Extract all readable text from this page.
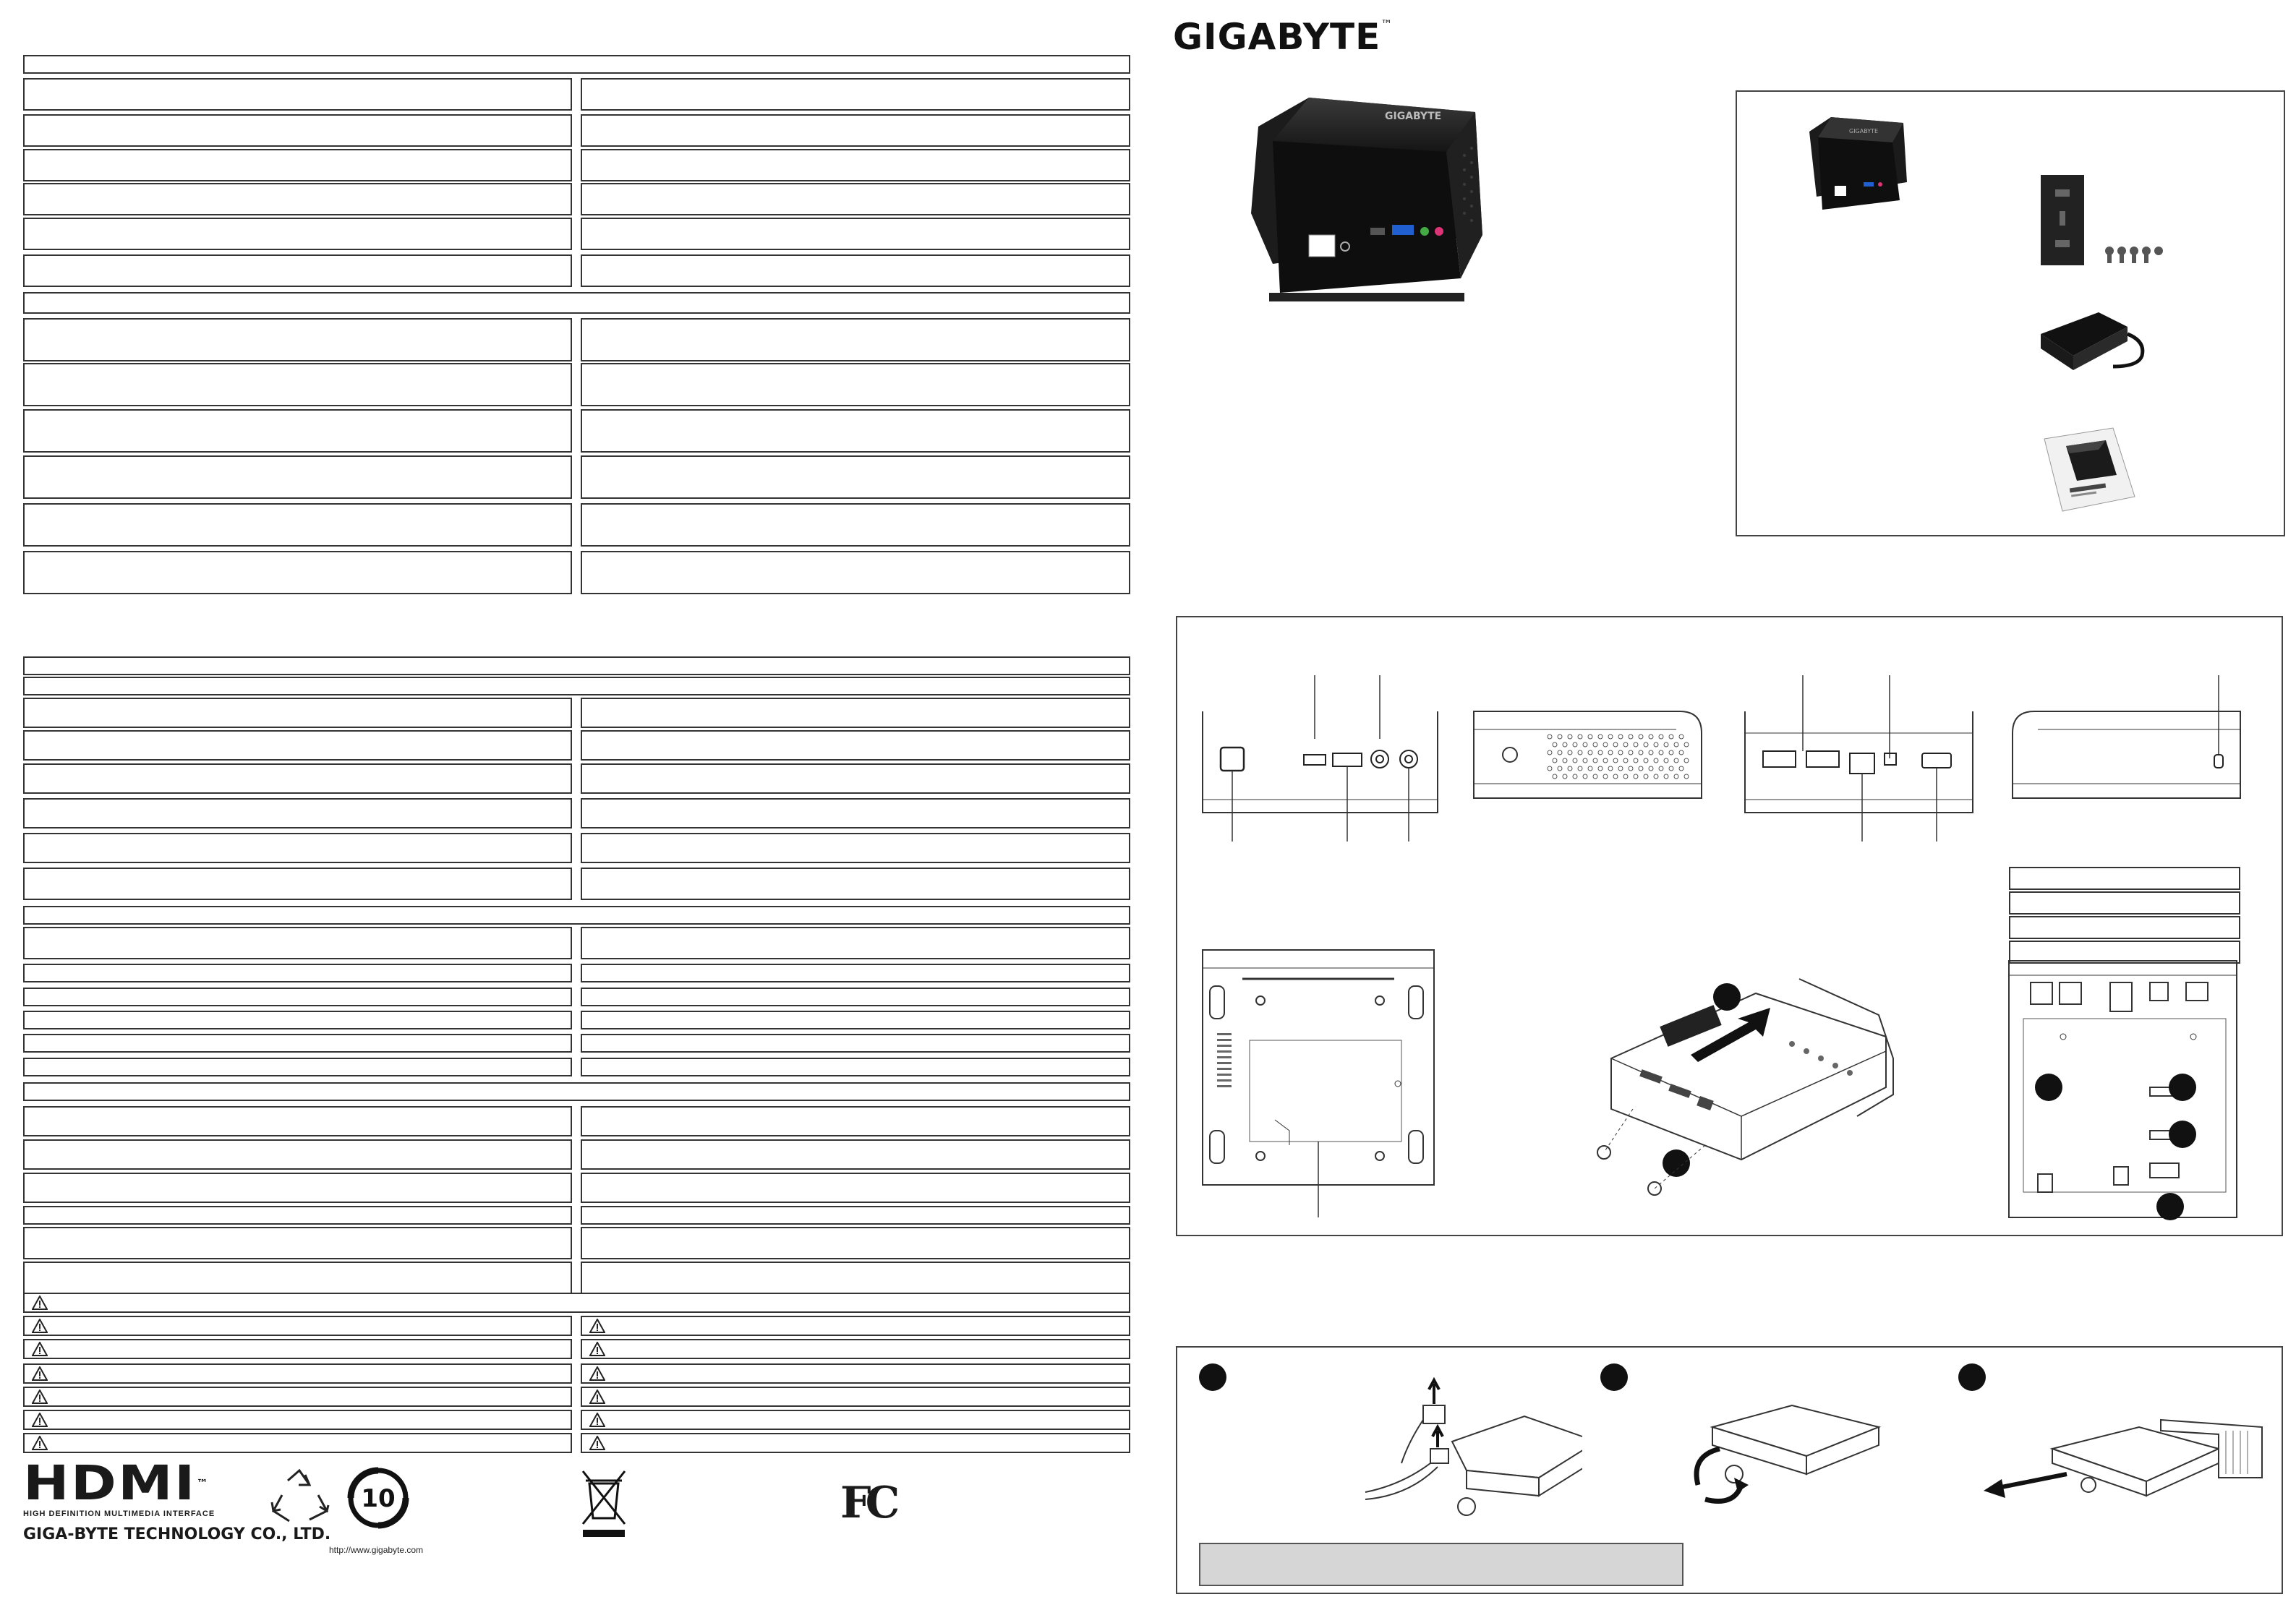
GIGABYTE™
GIGABYTE
GIGABYTE
HDMI™
HIGH DEFINITION MULTIMEDIA INTERFACE
GIGA-BYTE TECHNOLOGY CO., LTD.
http://www.gigabyte.com
10	FC
